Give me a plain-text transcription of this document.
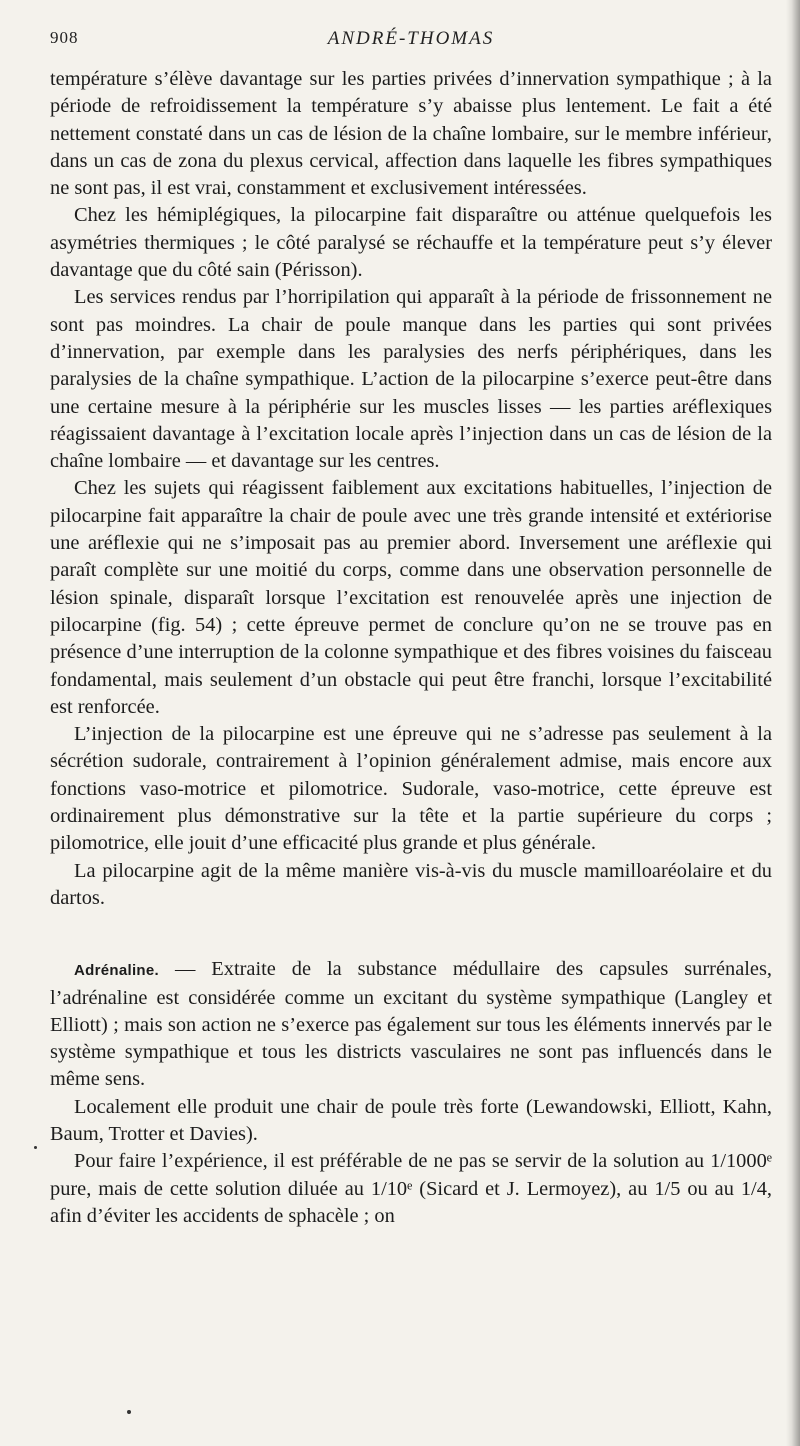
908	ANDRÉ-THOMAS

température s’élève davantage sur les parties privées d’innervation sympathique ; à la période de refroidissement la température s’y abaisse plus lentement. Le fait a été nettement constaté dans un cas de lésion de la chaîne lombaire, sur le membre inférieur, dans un cas de zona du plexus cervical, affection dans laquelle les fibres sympathiques ne sont pas, il est vrai, constamment et exclusivement intéressées.

Chez les hémiplégiques, la pilocarpine fait disparaître ou atténue quelquefois les asymétries thermiques ; le côté paralysé se réchauffe et la température peut s’y élever davantage que du côté sain (Périsson).

Les services rendus par l’horripilation qui apparaît à la période de frissonnement ne sont pas moindres. La chair de poule manque dans les parties qui sont privées d’innervation, par exemple dans les paralysies des nerfs périphériques, dans les paralysies de la chaîne sympathique. L’action de la pilocarpine s’exerce peut-être dans une certaine mesure à la périphérie sur les muscles lisses — les parties aréflexiques réagissaient davantage à l’excitation locale après l’injection dans un cas de lésion de la chaîne lombaire — et davantage sur les centres.

Chez les sujets qui réagissent faiblement aux excitations habituelles, l’injection de pilocarpine fait apparaître la chair de poule avec une très grande intensité et extériorise une aréflexie qui ne s’imposait pas au premier abord. Inversement une aréflexie qui paraît complète sur une moitié du corps, comme dans une observation personnelle de lésion spinale, disparaît lorsque l’excitation est renouvelée après une injection de pilocarpine (fig. 54) ; cette épreuve permet de conclure qu’on ne se trouve pas en présence d’une interruption de la colonne sympathique et des fibres voisines du faisceau fondamental, mais seulement d’un obstacle qui peut être franchi, lorsque l’excitabilité est renforcée.

L’injection de la pilocarpine est une épreuve qui ne s’adresse pas seulement à la sécrétion sudorale, contrairement à l’opinion généralement admise, mais encore aux fonctions vaso-motrice et pilomotrice. Sudorale, vaso-motrice, cette épreuve est ordinairement plus démonstrative sur la tête et la partie supérieure du corps ; pilomotrice, elle jouit d’une efficacité plus grande et plus générale.

La pilocarpine agit de la même manière vis-à-vis du muscle mamilloaréolaire et du dartos.

Adrénaline. — Extraite de la substance médullaire des capsules surrénales, l’adrénaline est considérée comme un excitant du système sympathique (Langley et Elliott) ; mais son action ne s’exerce pas également sur tous les éléments innervés par le système sympathique et tous les districts vasculaires ne sont pas influencés dans le même sens.

Localement elle produit une chair de poule très forte (Lewandowski, Elliott, Kahn, Baum, Trotter et Davies).

Pour faire l’expérience, il est préférable de ne pas se servir de la solution au 1/1000ᵉ pure, mais de cette solution diluée au 1/10ᵉ (Sicard et J. Lermoyez), au 1/5 ou au 1/4, afin d’éviter les accidents de sphacèle ; on
